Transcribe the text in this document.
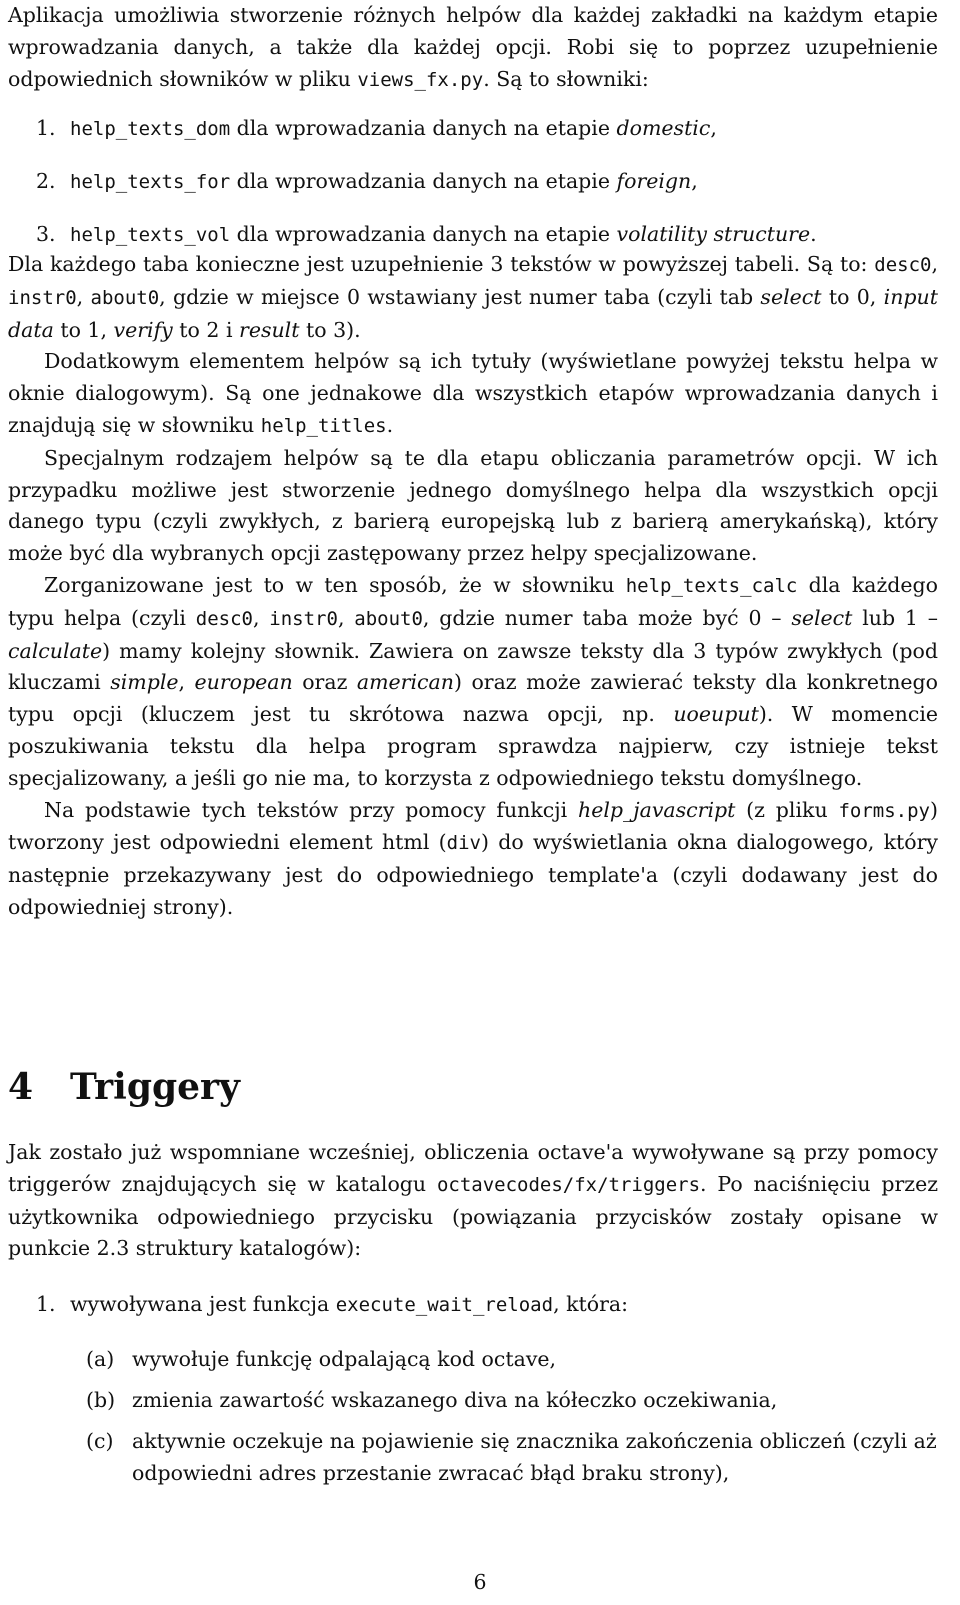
Aplikacja umożliwia stworzenie różnych helpów dla każdej zakładki na każdym etapie wprowadzania danych, a także dla każdej opcji. Robi się to poprzez uzupełnienie odpowiednich słowników w pliku views_fx.py. Są to słowniki:

1. help_texts_dom dla wprowadzania danych na etapie domestic,
2. help_texts_for dla wprowadzania danych na etapie foreign,
3. help_texts_vol dla wprowadzania danych na etapie volatility structure.

Dla każdego taba konieczne jest uzupełnienie 3 tekstów w powyższej tabeli. Są to: desc0, instr0, about0, gdzie w miejsce 0 wstawiany jest numer taba (czyli tab select to 0, input data to 1, verify to 2 i result to 3).

Dodatkowym elementem helpów są ich tytuły (wyświetlane powyżej tekstu helpa w oknie dialogowym). Są one jednakowe dla wszystkich etapów wprowadzania danych i znajdują się w słowniku help_titles.

Specjalnym rodzajem helpów są te dla etapu obliczania parametrów opcji. W ich przypadku możliwe jest stworzenie jednego domyślnego helpa dla wszystkich opcji danego typu (czyli zwykłych, z barierą europejską lub z barierą amerykańską), który może być dla wybranych opcji zastępowany przez helpy specjalizowane.

Zorganizowane jest to w ten sposób, że w słowniku help_texts_calc dla każdego typu helpa (czyli desc0, instr0, about0, gdzie numer taba może być 0 – select lub 1 – calculate) mamy kolejny słownik. Zawiera on zawsze teksty dla 3 typów zwykłych (pod kluczami simple, european oraz american) oraz może zawierać teksty dla konkretnego typu opcji (kluczem jest tu skrótowa nazwa opcji, np. uoeuput). W momencie poszukiwania tekstu dla helpa program sprawdza najpierw, czy istnieje tekst specjalizowany, a jeśli go nie ma, to korzysta z odpowiedniego tekstu domyślnego.

Na podstawie tych tekstów przy pomocy funkcji help_javascript (z pliku forms.py) tworzony jest odpowiedni element html (div) do wyświetlania okna dialogowego, który następnie przekazywany jest do odpowiedniego template'a (czyli dodawany jest do odpowiedniej strony).

4 Triggery

Jak zostało już wspomniane wcześniej, obliczenia octave'a wywoływane są przy pomocy triggerów znajdujących się w katalogu octavecodes/fx/triggers. Po naciśnięciu przez użytkownika odpowiedniego przycisku (powiązania przycisków zostały opisane w punkcie 2.3 struktury katalogów):

1. wywoływana jest funkcja execute_wait_reload, która:
(a) wywołuje funkcję odpalającą kod octave,
(b) zmienia zawartość wskazanego diva na kółeczko oczekiwania,
(c) aktywnie oczekuje na pojawienie się znacznika zakończenia obliczeń (czyli aż odpowiedni adres przestanie zwracać błąd braku strony),
6
